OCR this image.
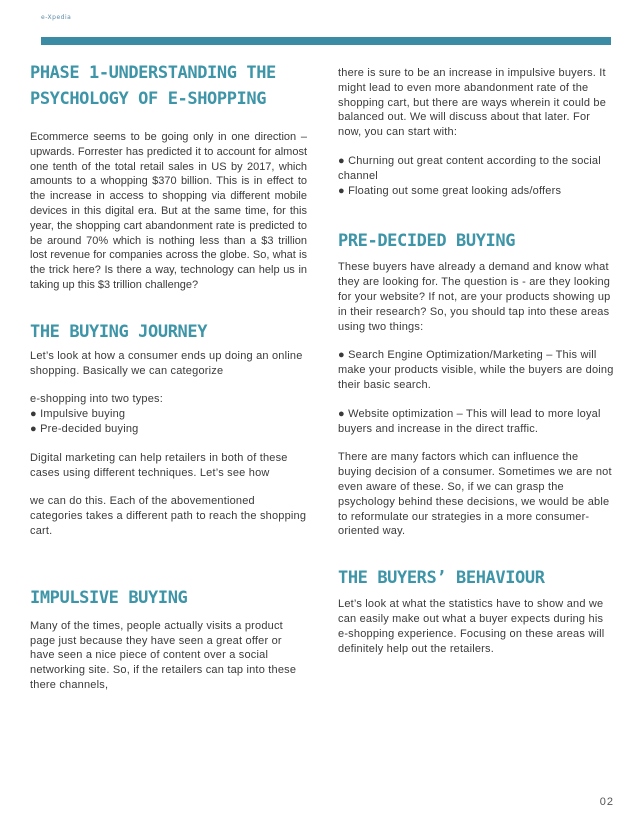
e-Xpedia
PHASE 1-UNDERSTANDING THE PSYCHOLOGY OF E-SHOPPING

Ecommerce seems to be going only in one direction – upwards. Forrester has predicted it to account for almost one tenth of the total retail sales in US by 2017, which amounts to a whopping $370 billion. This is in effect to the increase in access to shopping via different mobile devices in this digital era. But at the same time, for this year, the shopping cart abandonment rate is predicted to be around 70% which is nothing less than a $3 trillion lost revenue for companies across the globe. So, what is the trick here? Is there a way, technology can help us in taking up this $3 trillion challenge?

THE BUYING JOURNEY

Let’s look at how a consumer ends up doing an online shopping. Basically we can categorize

e-shopping into two types:

● Impulsive buying

● Pre-decided buying

Digital marketing can help retailers in both of these cases using different techniques. Let’s see how

we can do this. Each of the abovementioned categories takes a different path to reach the shopping cart.

IMPULSIVE BUYING

Many of the times, people actually visits a product page just because they have seen a great offer or have seen a nice piece of content over a social networking site. So, if the retailers can tap into these there channels,

there is sure to be an increase in impulsive buyers. It might lead to even more abandonment rate of the shopping cart, but there are ways wherein it could be balanced out. We will discuss about that later. For now, you can start with:

● Churning out great content according to the social channel

● Floating out some great looking ads/offers

PRE-DECIDED BUYING

These buyers have already a demand and know what they are looking for. The question is - are they looking for your website? If not, are your products showing up in their research? So, you should tap into these areas using two things:

● Search Engine Optimization/Marketing – This will make your products visible, while the buyers are doing their basic search.

● Website optimization – This will lead to more loyal buyers and increase in the direct traffic.

There are many factors which can influence the buying decision of a consumer. Sometimes we are not even aware of these. So, if we can grasp the psychology behind these decisions, we would be able to reformulate our strategies in a more consumer-oriented way.

THE BUYERS’ BEHAVIOUR

Let’s look at what the statistics have to show and we can easily make out what a buyer expects during his e-shopping experience. Focusing on these areas will definitely help out the retailers.

02
